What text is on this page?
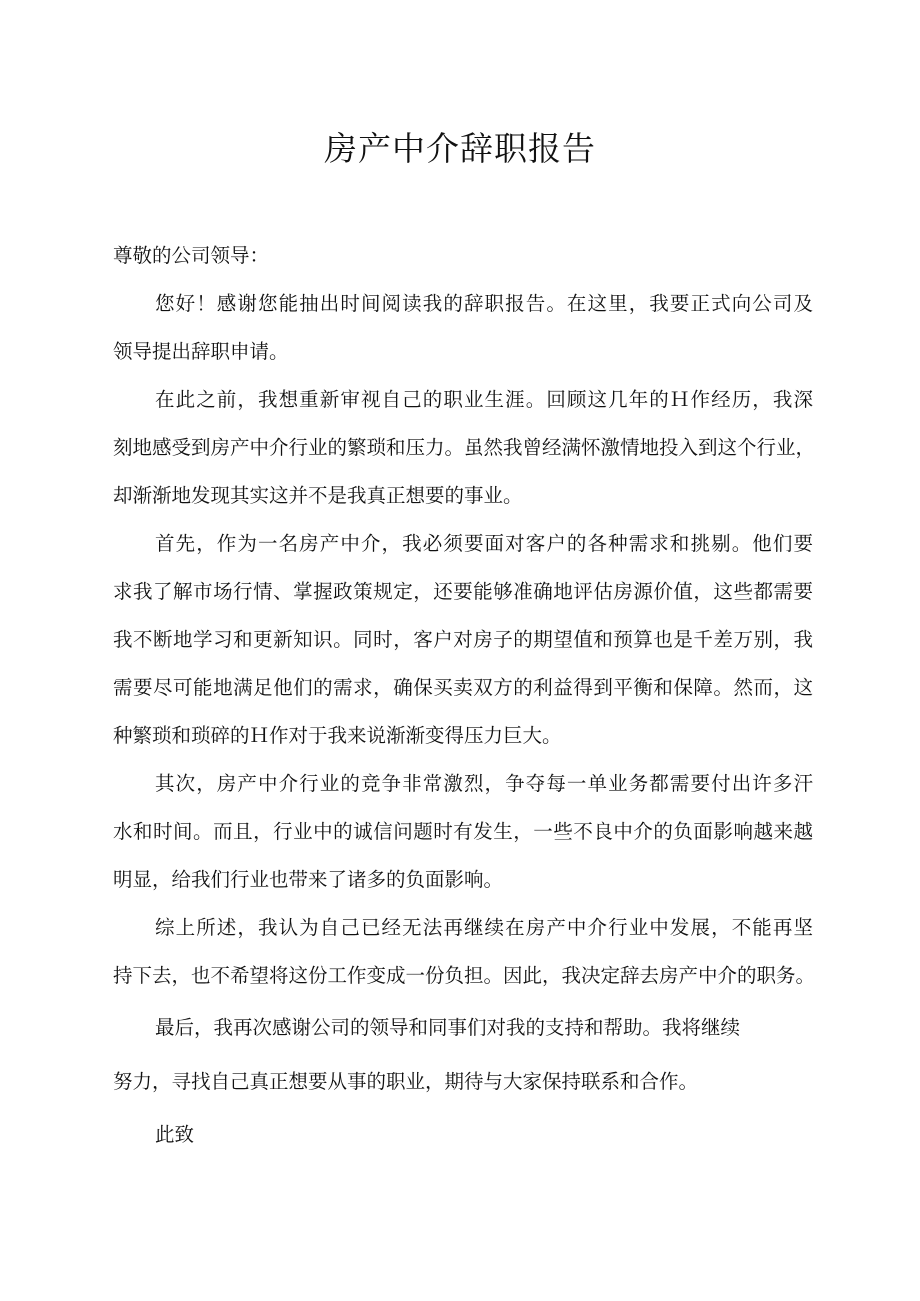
房产中介辞职报告

尊敬的公司领导：

您好！感谢您能抽出时间阅读我的辞职报告。在这里，我要正式向公司及

领导提出辞职申请。

在此之前，我想重新审视自己的职业生涯。回顾这几年的Ｈ作经历，我深

刻地感受到房产中介行业的繁琐和压力。虽然我曾经满怀激情地投入到这个行业，

却渐渐地发现其实这并不是我真正想要的事业。

首先，作为一名房产中介，我必须要面对客户的各种需求和挑剔。他们要

求我了解市场行情、掌握政策规定，还要能够准确地评估房源价值，这些都需要

我不断地学习和更新知识。同时，客户对房子的期望值和预算也是千差万别，我

需要尽可能地满足他们的需求，确保买卖双方的利益得到平衡和保障。然而，这

种繁琐和琐碎的Ｈ作对于我来说渐渐变得压力巨大。

其次，房产中介行业的竞争非常激烈，争夺每一单业务都需要付出许多汗

水和时间。而且，行业中的诚信问题时有发生，一些不良中介的负面影响越来越

明显，给我们行业也带来了诸多的负面影响。

综上所述，我认为自己已经无法再继续在房产中介行业中发展，不能再坚

持下去，也不希望将这份工作变成一份负担。因此，我决定辞去房产中介的职务。

最后，我再次感谢公司的领导和同事们对我的支持和帮助。我将继续

努力，寻找自己真正想要从事的职业，期待与大家保持联系和合作。

此致
